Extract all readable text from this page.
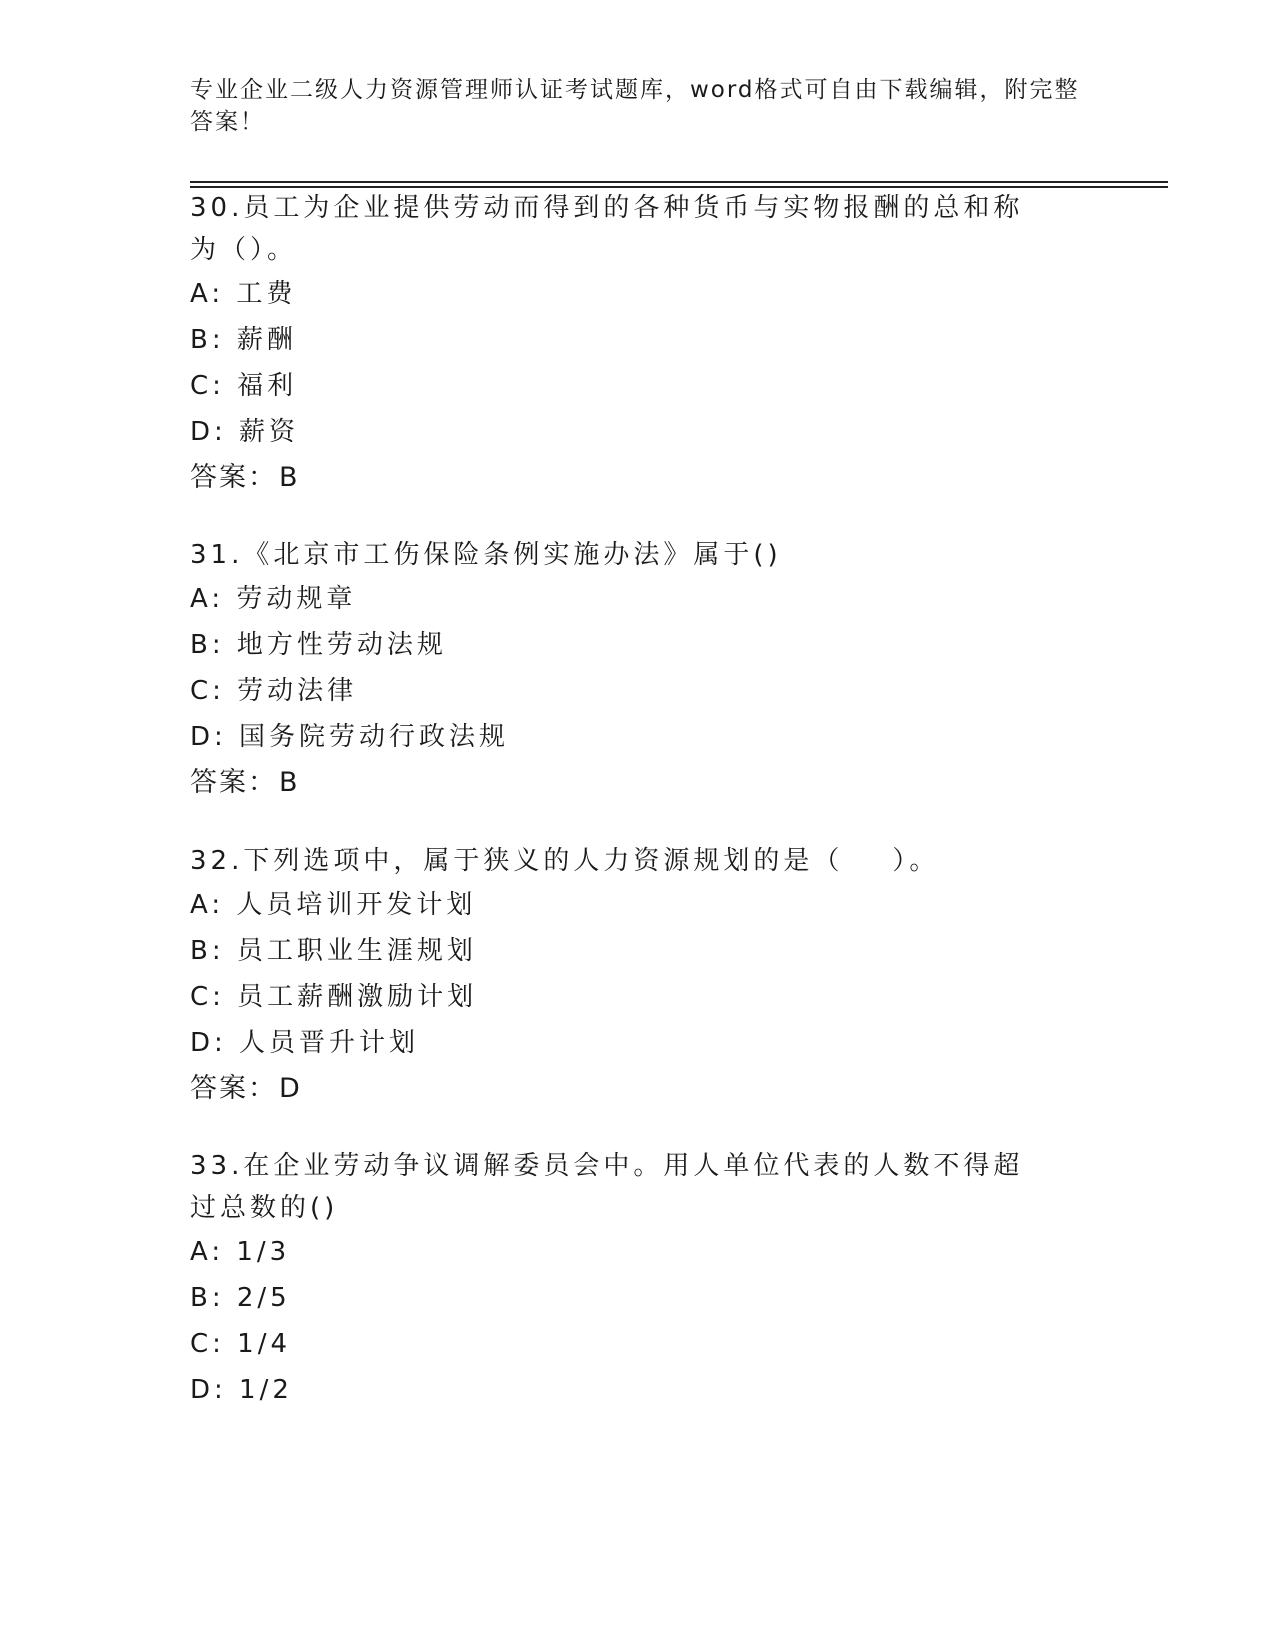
专业企业二级人力资源管理师认证考试题库，word格式可自由下载编辑，附完整答案！

30.员工为企业提供劳动而得到的各种货币与实物报酬的总和称为（）。

A: 工费

B: 薪酬

C: 福利

D: 薪资

答案：B

31.《北京市工伤保险条例实施办法》属于()

A: 劳动规章

B: 地方性劳动法规

C: 劳动法律

D: 国务院劳动行政法规

答案：B

32.下列选项中，属于狭义的人力资源规划的是（    ）。

A: 人员培训开发计划

B: 员工职业生涯规划

C: 员工薪酬激励计划

D: 人员晋升计划

答案：D

33.在企业劳动争议调解委员会中。用人单位代表的人数不得超过总数的()

A: 1/3

B: 2/5

C: 1/4

D: 1/2
